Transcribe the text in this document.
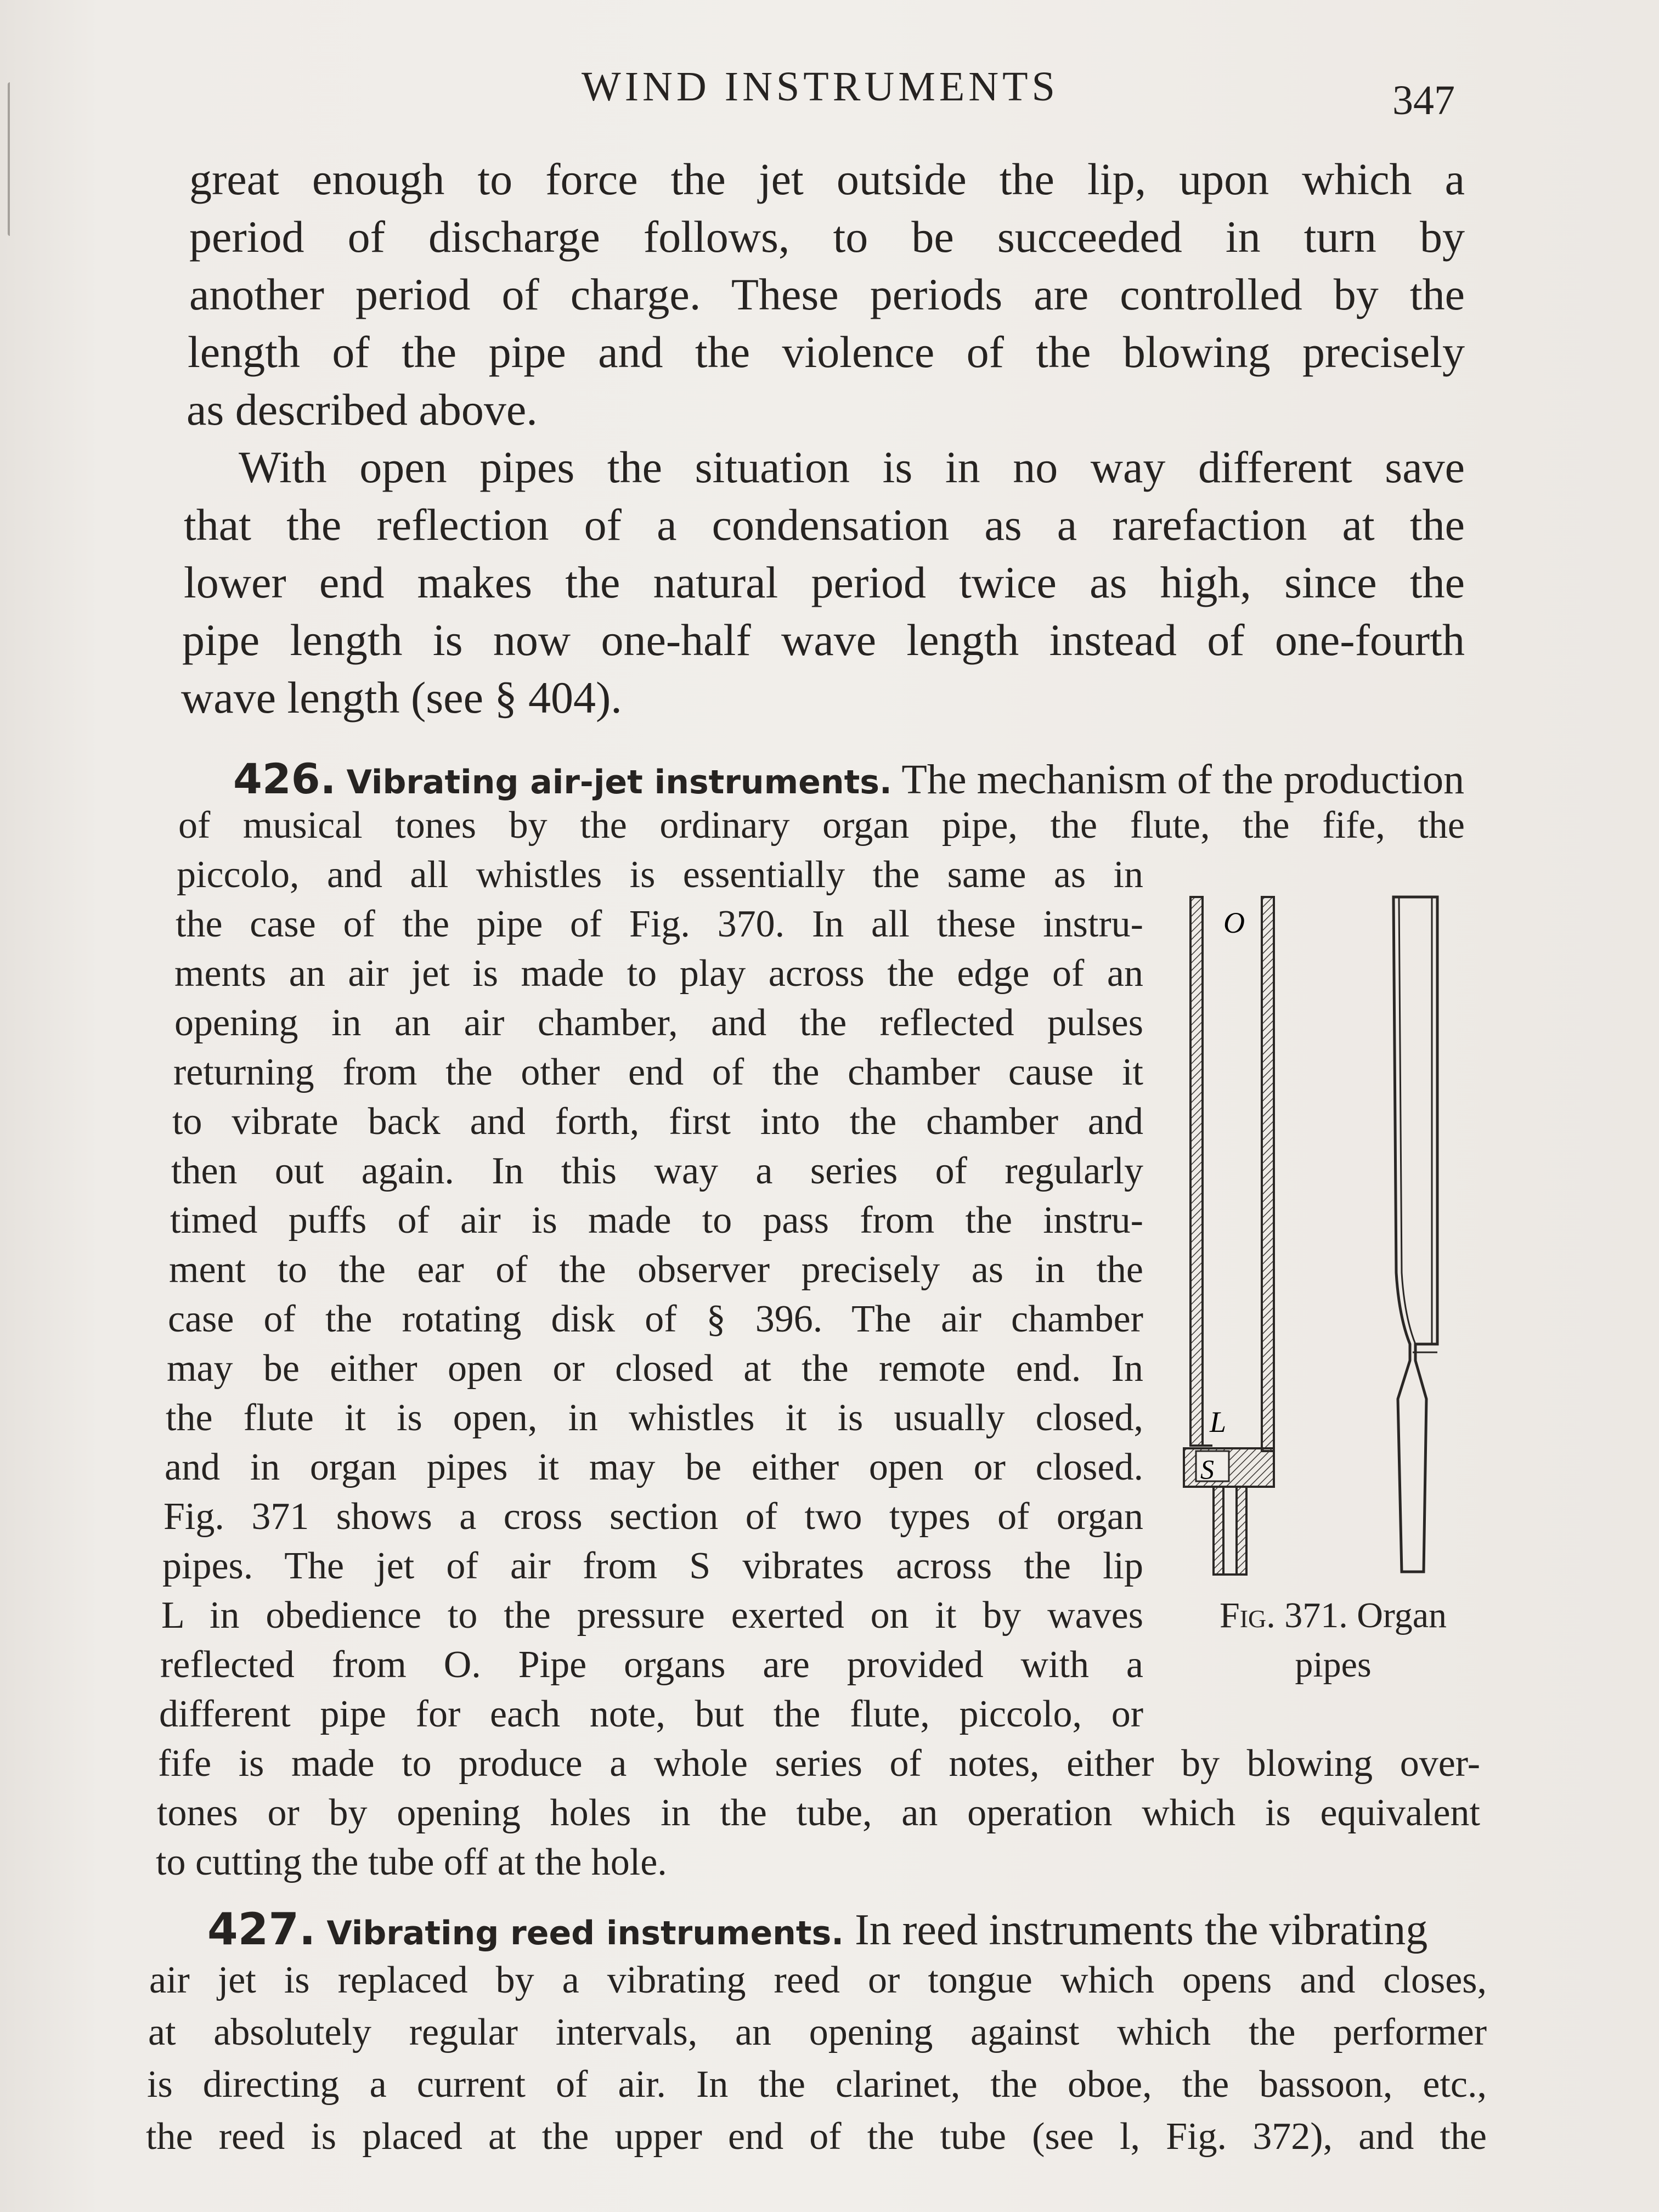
WIND INSTRUMENTS	347
great enough to force the jet outside the lip, upon which a
period of discharge follows, to be succeeded in turn by
another period of charge. These periods are controlled by the
length of the pipe and the violence of the blowing precisely
as described above.
With open pipes the situation is in no way different save
that the reflection of a condensation as a rarefaction at the
lower end makes the natural period twice as high, since the
pipe length is now one-half wave length instead of one-fourth
wave length (see § 404).
426. Vibrating air-jet instruments. The mechanism of the production
of musical tones by the ordinary organ pipe, the flute, the fife, the
piccolo, and all whistles is essentially the same as in
the case of the pipe of Fig. 370. In all these instru-
ments an air jet is made to play across the edge of an
opening in an air chamber, and the reflected pulses
returning from the other end of the chamber cause it
to vibrate back and forth, first into the chamber and
then out again. In this way a series of regularly
timed puffs of air is made to pass from the instru-
ment to the ear of the observer precisely as in the
case of the rotating disk of § 396. The air chamber
may be either open or closed at the remote end. In
the flute it is open, in whistles it is usually closed,
and in organ pipes it may be either open or closed.
Fig. 371 shows a cross section of two types of organ
pipes. The jet of air from S vibrates across the lip
L in obedience to the pressure exerted on it by waves
reflected from O. Pipe organs are provided with a
different pipe for each note, but the flute, piccolo, or
fife is made to produce a whole series of notes, either by blowing over-
tones or by opening holes in the tube, an operation which is equivalent
to cutting the tube off at the hole.
427. Vibrating reed instruments. In reed instruments the vibrating
air jet is replaced by a vibrating reed or tongue which opens and closes,
at absolutely regular intervals, an opening against which the performer
is directing a current of air. In the clarinet, the oboe, the bassoon, etc.,
the reed is placed at the upper end of the tube (see l, Fig. 372), and the
O
L
S
Fig. 371. Organ
pipes
